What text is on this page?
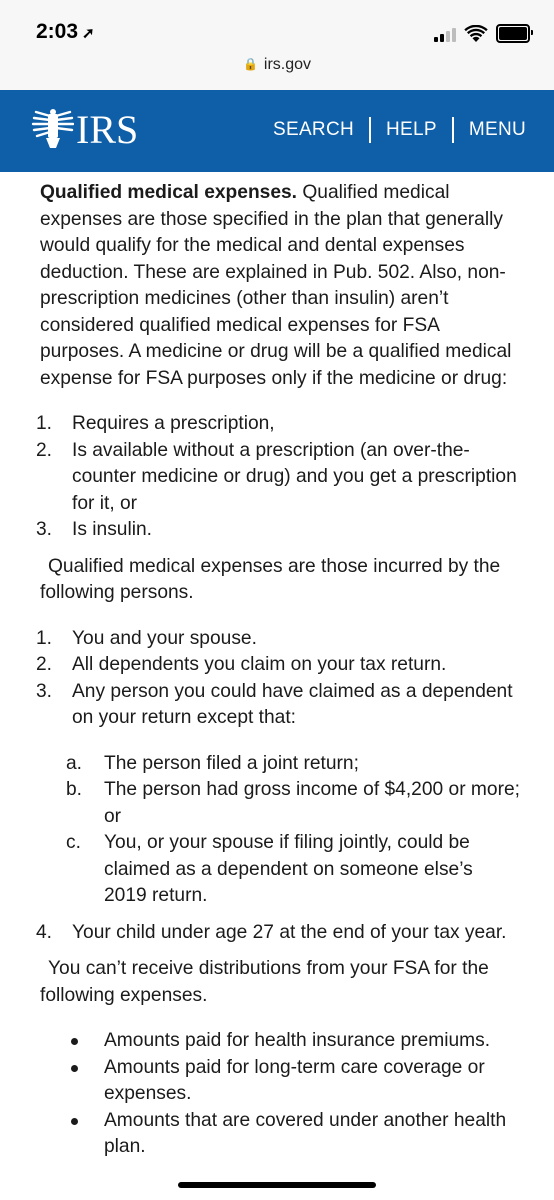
2:03 ➚
🔒 irs.gov
IRS	SEARCH HELP MENU

Qualified medical expenses. Qualified medical expenses are those specified in the plan that generally would qualify for the medical and dental expenses deduction. These are explained in Pub. 502. Also, non-prescription medicines (other than insulin) aren’t considered qualified medical expenses for FSA purposes. A medicine or drug will be a qualified medical expense for FSA purposes only if the medicine or drug:

1. Requires a prescription,
2. Is available without a prescription (an over-the-counter medicine or drug) and you get a prescription for it, or
3. Is insulin.

Qualified medical expenses are those incurred by the following persons.

1. You and your spouse.
2. All dependents you claim on your tax return.
3. Any person you could have claimed as a dependent on your return except that:
a. The person filed a joint return;
b. The person had gross income of $4,200 or more; or
c. You, or your spouse if filing jointly, could be claimed as a dependent on someone else’s 2019 return.
4. Your child under age 27 at the end of your tax year.

You can’t receive distributions from your FSA for the following expenses.

Amounts paid for health insurance premiums.
Amounts paid for long-term care coverage or expenses.
Amounts that are covered under another health plan.
